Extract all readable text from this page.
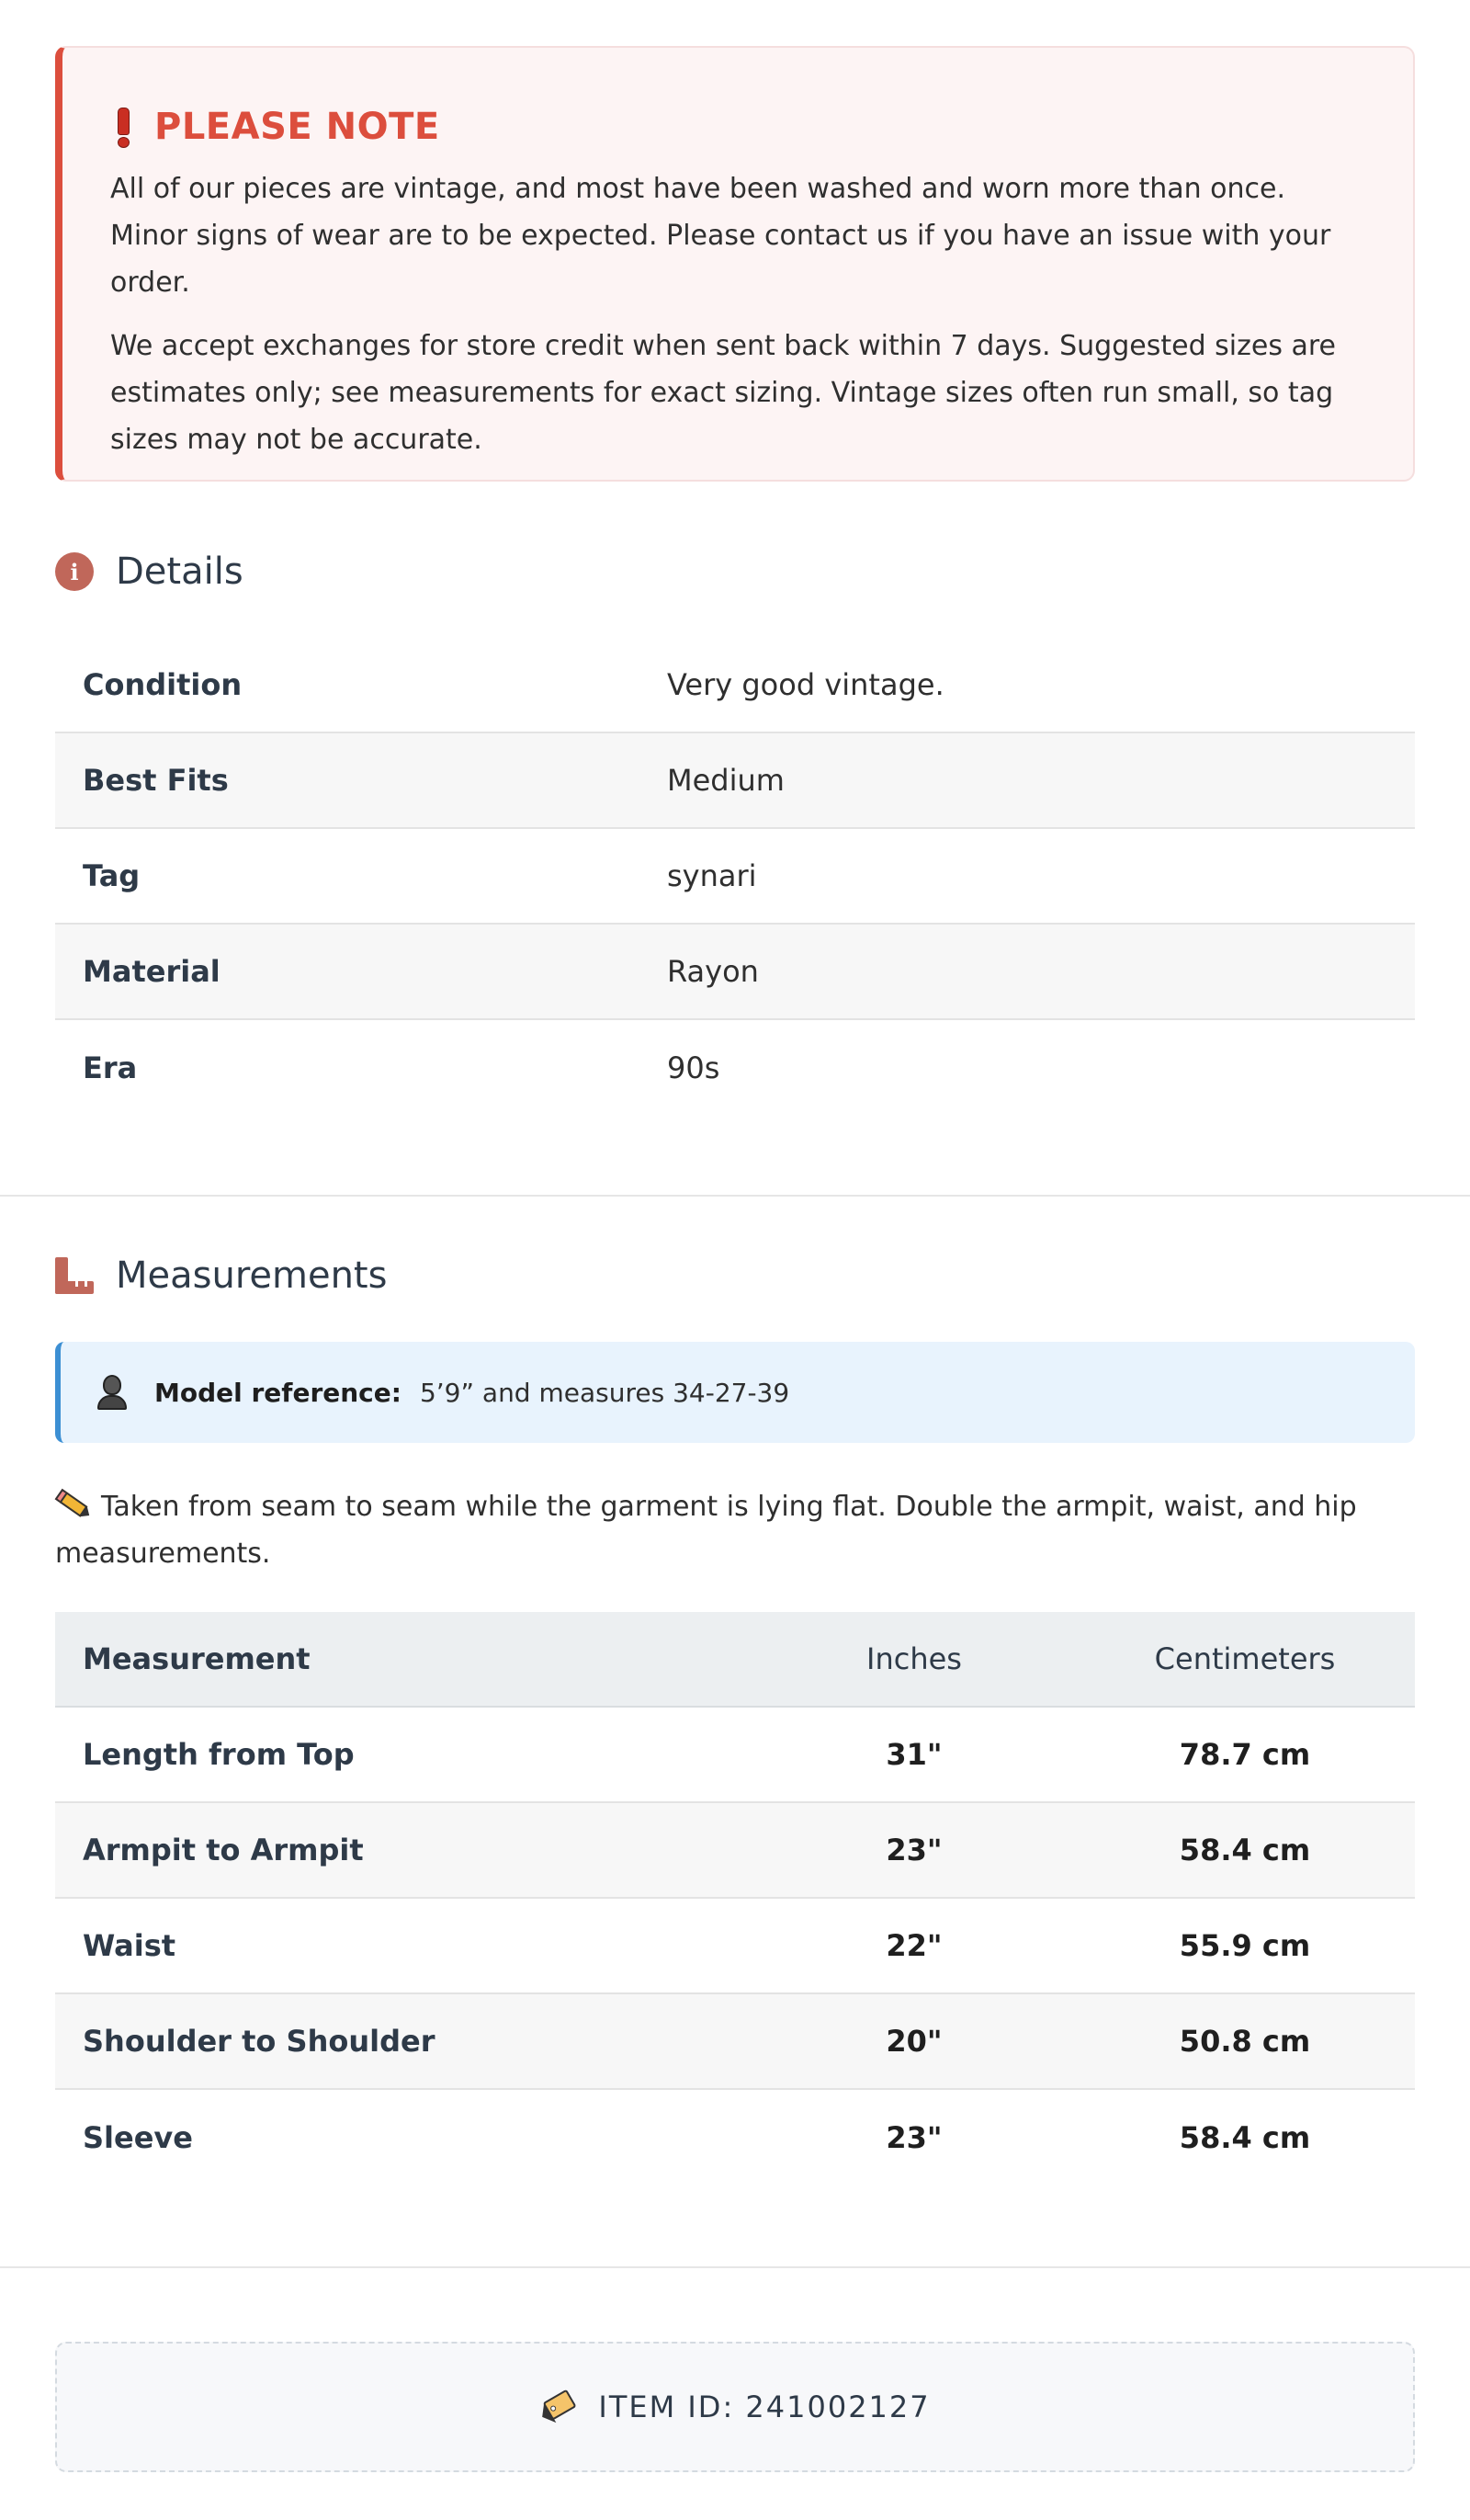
PLEASE NOTE

All of our pieces are vintage, and most have been washed and worn more than once. Minor signs of wear are to be expected. Please contact us if you have an issue with your order.

We accept exchanges for store credit when sent back within 7 days. Suggested sizes are estimates only; see measurements for exact sizing. Vintage sizes often run small, so tag sizes may not be accurate.

i	Details
Condition	Very good vintage.
Best Fits	Medium
Tag	synari
Material	Rayon
Era	90s
Measurements
Model reference: 5’9” and measures 34-27-39
Taken from seam to seam while the garment is lying flat. Double the armpit, waist, and hip measurements.
Measurement	Inches	Centimeters
Length from Top	31"	78.7 cm
Armpit to Armpit	23"	58.4 cm
Waist	22"	55.9 cm
Shoulder to Shoulder	20"	50.8 cm
Sleeve	23"	58.4 cm
ITEM ID: 241002127
